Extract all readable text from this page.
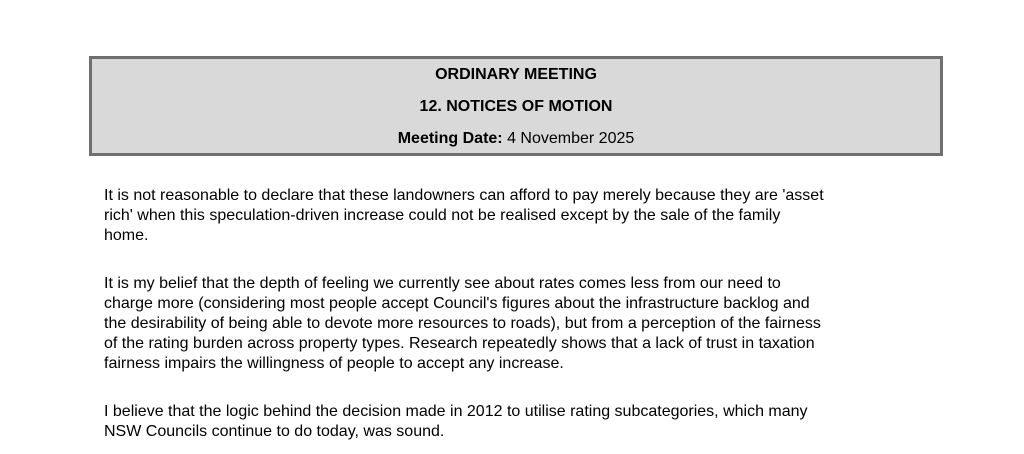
ORDINARY MEETING
12. NOTICES OF MOTION
Meeting Date: 4 November 2025
It is not reasonable to declare that these landowners can afford to pay merely because they are 'asset
rich' when this speculation-driven increase could not be realised except by the sale of the family
home.
It is my belief that the depth of feeling we currently see about rates comes less from our need to
charge more (considering most people accept Council's figures about the infrastructure backlog and
the desirability of being able to devote more resources to roads), but from a perception of the fairness
of the rating burden across property types. Research repeatedly shows that a lack of trust in taxation
fairness impairs the willingness of people to accept any increase.
I believe that the logic behind the decision made in 2012 to utilise rating subcategories, which many
NSW Councils continue to do today, was sound.
